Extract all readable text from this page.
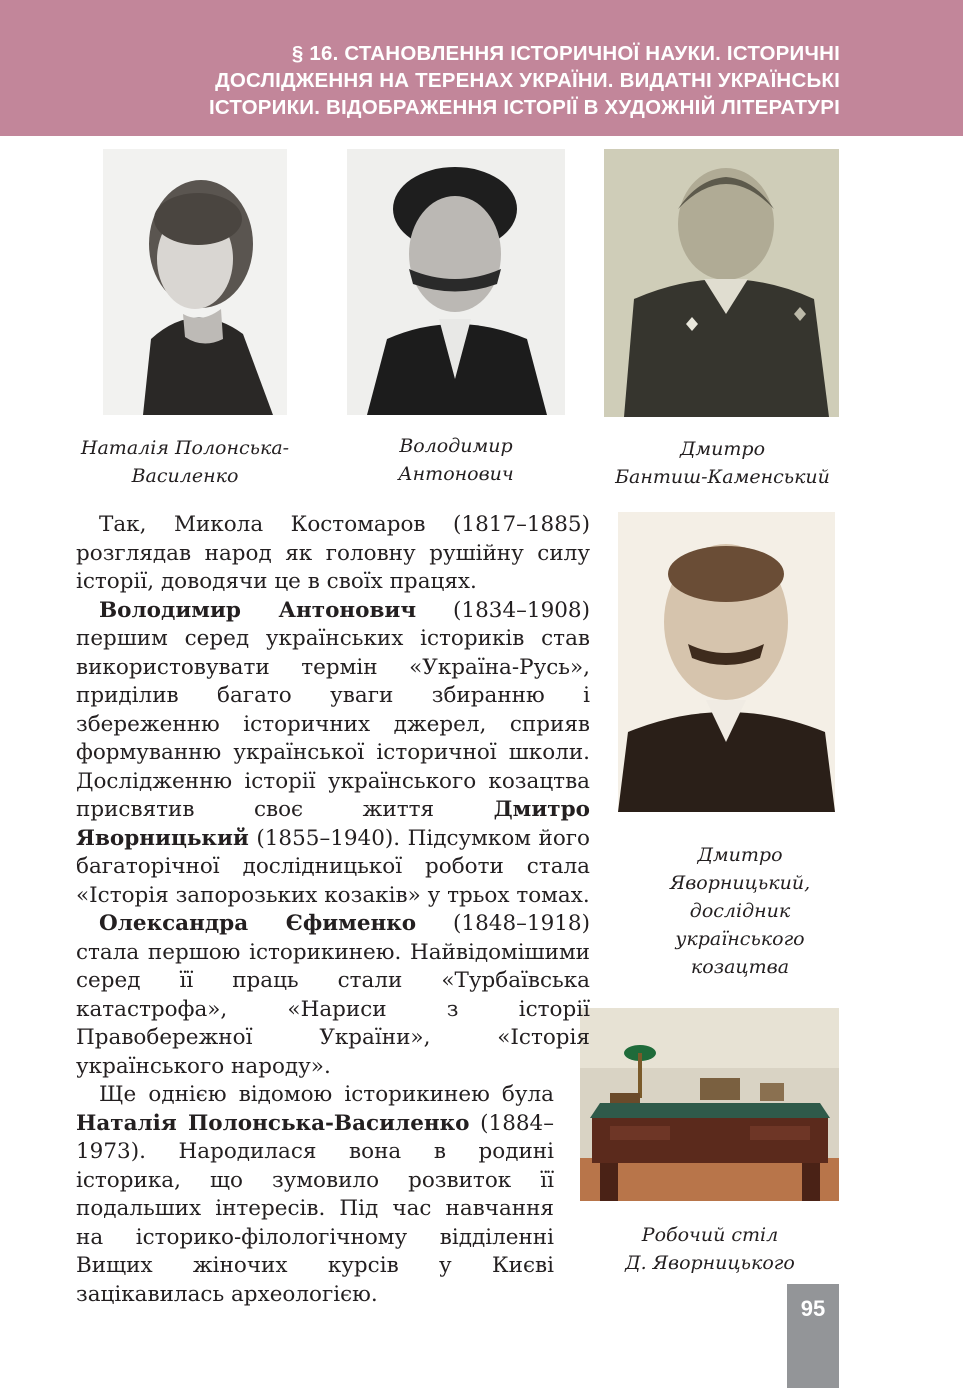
§ 16. СТАНОВЛЕННЯ ІСТОРИЧНОЇ НАУКИ. ІСТОРИЧНІ
ДОСЛІДЖЕННЯ НА ТЕРЕНАХ УКРАЇНИ. ВИДАТНІ УКРАЇНСЬКІ
ІСТОРИКИ. ВІДОБРАЖЕННЯ ІСТОРІЇ В ХУДОЖНІЙ ЛІТЕРАТУРІ
Наталія Полонська-
Василенко
Володимир
Антонович
Дмитро
Бантиш-Каменський
Дмитро
Яворницький,
дослідник
українського
козацтва
Робочий стіл
Д. Яворницького

Так, Микола Костомаров (1817–1885) розглядав народ як головну рушійну силу історії, доводячи це в своїх працях.

Володимир Антонович (1834–1908) першим серед українських істориків став використовувати термін «Україна-Русь», приділив багато уваги збиранню і збереженню історичних джерел, сприяв формуванню української історичної школи. Дослідженню історії українського козацтва присвятив своє життя Дмитро Яворницький (1855–1940). Підсумком його багаторічної дослідницької роботи стала «Історія запорозьких козаків» у трьох томах.

Олександра Єфименко (1848–1918) стала першою історикинею. Найвідомішими серед її праць стали «Турбаївська катастрофа», «Нариси з історії Правобережної України», «Історія українського народу».

Ще однією відомою історикинею була Наталія Полонська-Василенко (1884–1973). Народилася вона в родині історика, що зумовило розвиток її подальших інтересів. Під час навчання на історико-філологічному відділенні Вищих жіночих курсів у Києві зацікавилась археологією.

95
